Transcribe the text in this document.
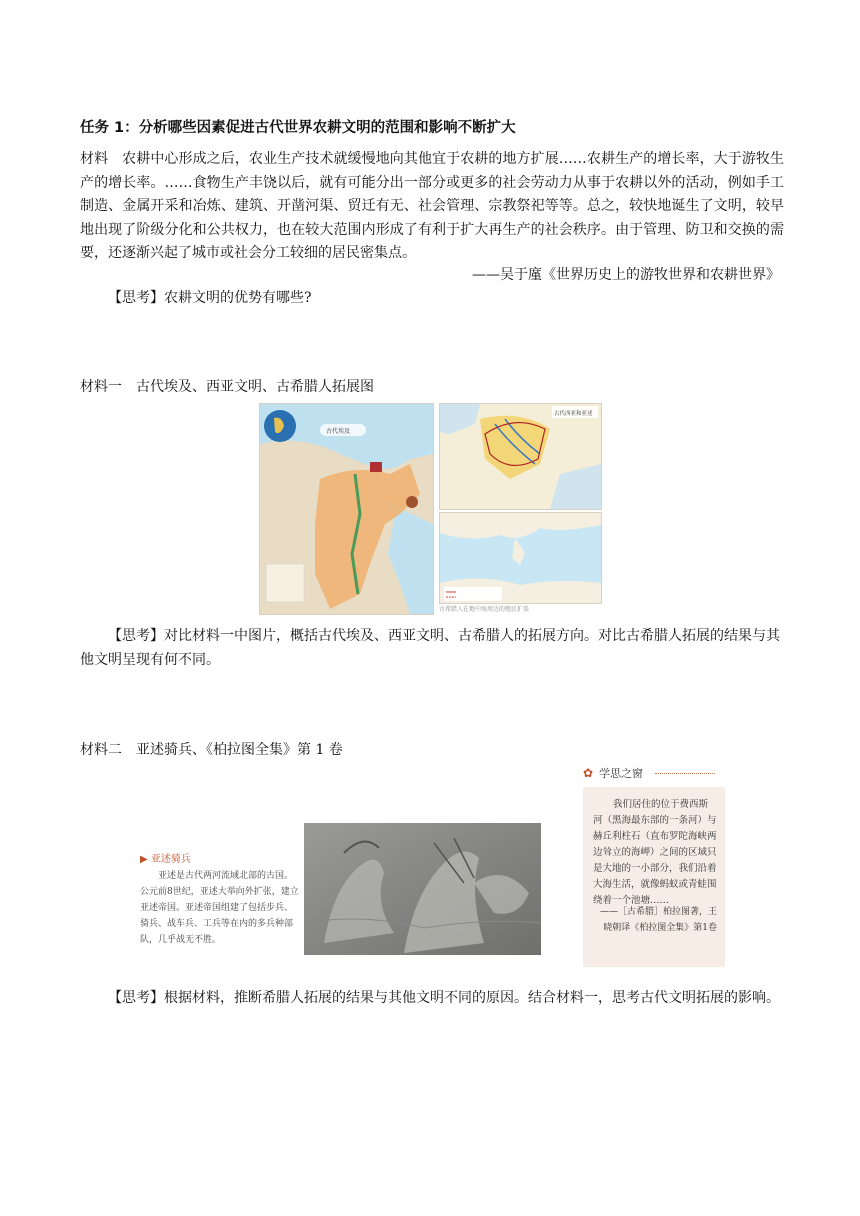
任务 1：分析哪些因素促进古代世界农耕文明的范围和影响不断扩大
材料 农耕中心形成之后，农业生产技术就缓慢地向其他宜于农耕的地方扩展……农耕生产的增长率，大于游牧生产的增长率。……食物生产丰饶以后，就有可能分出一部分或更多的社会劳动力从事于农耕以外的活动，例如手工制造、金属开采和冶炼、建筑、开凿河渠、贸迁有无、社会管理、宗教祭祀等等。总之，较快地诞生了文明，较早地出现了阶级分化和公共权力，也在较大范围内形成了有利于扩大再生产的社会秩序。由于管理、防卫和交换的需要，还逐渐兴起了城市或社会分工较细的居民密集点。
——吴于廑《世界历史上的游牧世界和农耕世界》
【思考】农耕文明的优势有哪些?
材料一 古代埃及、西亚文明、古希腊人拓展图
古代埃及
古代西亚和亚述
古希腊人在地中海周边的殖民扩张
【思考】对比材料一中图片，概括古代埃及、西亚文明、古希腊人的拓展方向。对比古希腊人拓展的结果与其他文明呈现有何不同。
材料二 亚述骑兵、《柏拉图全集》第 1 卷
▶ 亚述骑兵
亚述是古代两河流域北部的古国。公元前8世纪，亚述大举向外扩张，建立亚述帝国。亚述帝国组建了包括步兵、骑兵、战车兵、工兵等在内的多兵种部队，几乎战无不胜。
✿ 学思之窗
我们居住的位于费西斯河（黑海最东部的一条河）与赫丘利柱石（直布罗陀海峡两边耸立的海岬）之间的区域只是大地的一小部分，我们沿着大海生活，就像蚂蚁或青蛙围绕着一个池塘……
——［古希腊］柏拉图著，王晓朝译《柏拉图全集》第1卷
【思考】根据材料，推断希腊人拓展的结果与其他文明不同的原因。结合材料一，思考古代文明拓展的影响。
